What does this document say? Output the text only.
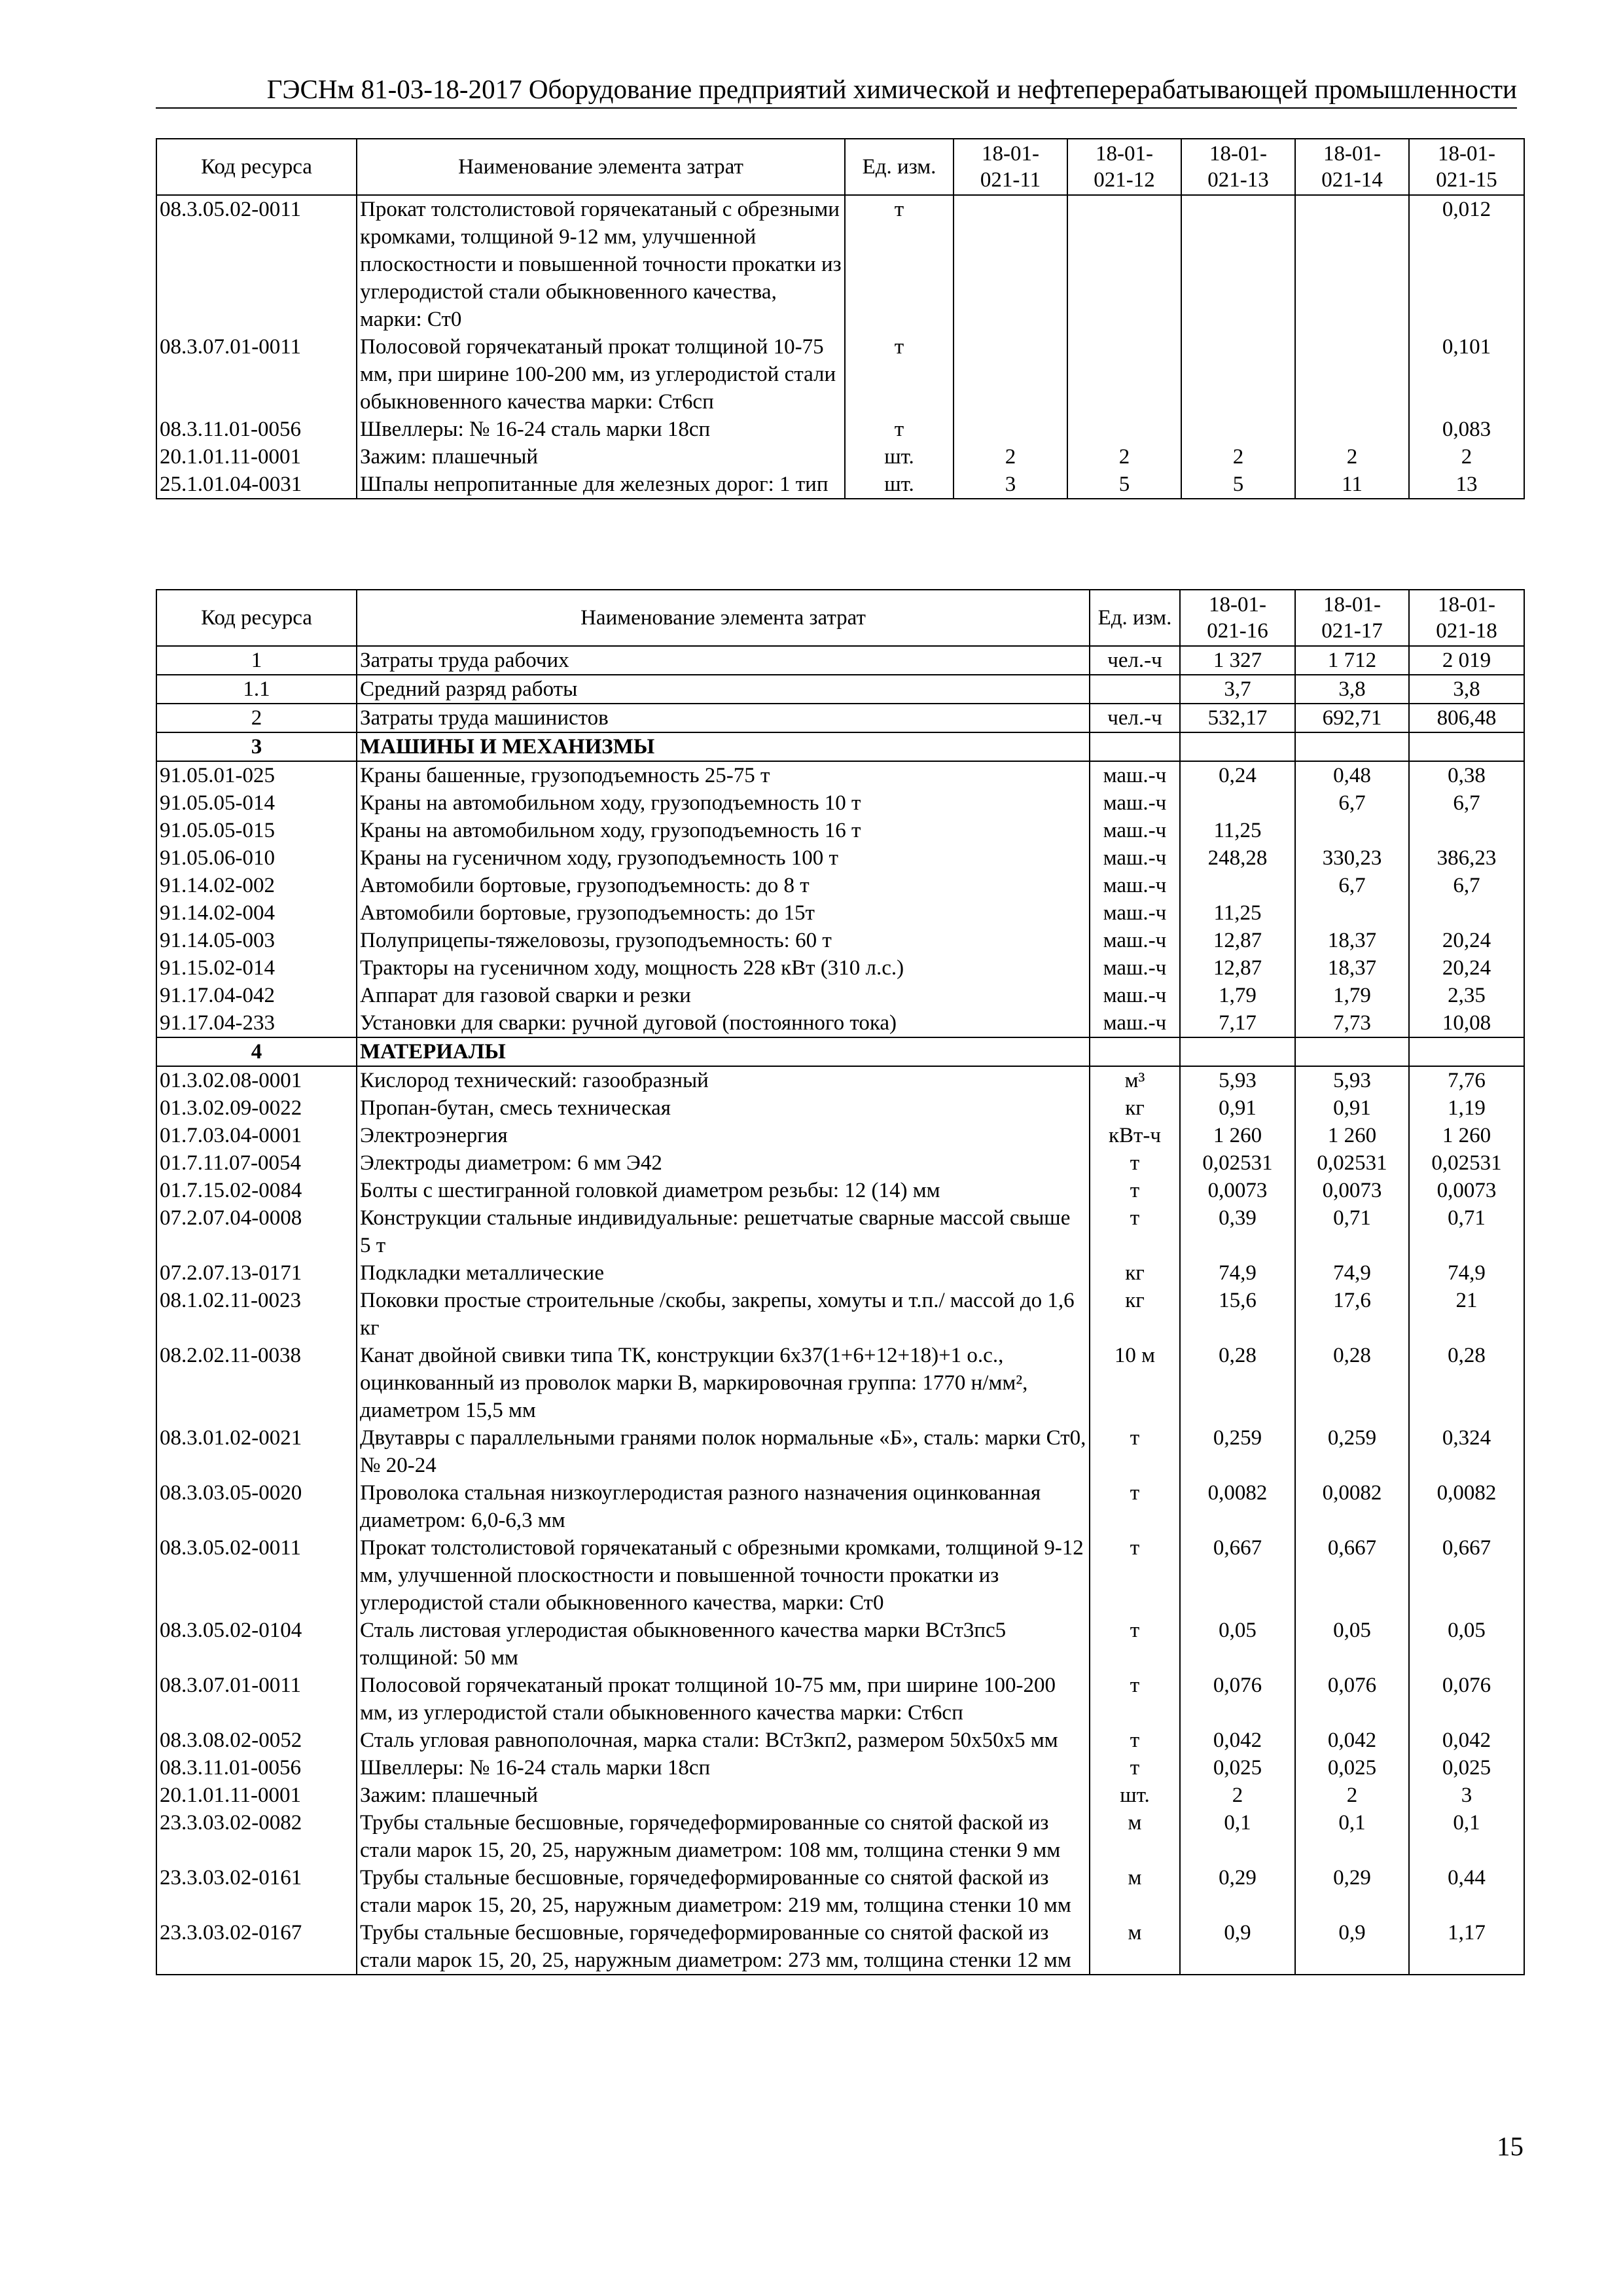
ГЭСНм 81-03-18-2017 Оборудование предприятий химической и нефтеперерабатывающей промышленности
Код ресурса	Наименование элемента затрат	Ед. изм.	18-01-
021-11	18-01-
021-12	18-01-
021-13	18-01-
021-14	18-01-
021-15
08.3.05.02-0011	Прокат толстолистовой горячекатаный с обрезными кромками, толщиной 9-12 мм, улучшенной плоскостности и повышенной точности прокатки из углеродистой стали обыкновенного качества, марки: Ст0	т					0,012
08.3.07.01-0011	Полосовой горячекатаный прокат толщиной 10-75 мм, при ширине 100-200 мм, из углеродистой стали обыкновенного качества марки: Ст6сп	т					0,101
08.3.11.01-0056	Швеллеры: № 16-24 сталь марки 18сп	т					0,083
20.1.01.11-0001	Зажим: плашечный	шт.	2	2	2	2	2
25.1.01.04-0031	Шпалы непропитанные для железных дорог: 1 тип	шт.	3	5	5	11	13
Код ресурса	Наименование элемента затрат	Ед. изм.	18-01-
021-16	18-01-
021-17	18-01-
021-18
1	Затраты труда рабочих	чел.-ч	1 327	1 712	2 019
1.1	Средний разряд работы		3,7	3,8	3,8
2	Затраты труда машинистов	чел.-ч	532,17	692,71	806,48
3	МАШИНЫ И МЕХАНИЗМЫ				
91.05.01-025	Краны башенные, грузоподъемность 25-75 т	маш.-ч	0,24	0,48	0,38
91.05.05-014	Краны на автомобильном ходу, грузоподъемность 10 т	маш.-ч		6,7	6,7
91.05.05-015	Краны на автомобильном ходу, грузоподъемность 16 т	маш.-ч	11,25		
91.05.06-010	Краны на гусеничном ходу, грузоподъемность 100 т	маш.-ч	248,28	330,23	386,23
91.14.02-002	Автомобили бортовые, грузоподъемность: до 8 т	маш.-ч		6,7	6,7
91.14.02-004	Автомобили бортовые, грузоподъемность: до 15т	маш.-ч	11,25		
91.14.05-003	Полуприцепы-тяжеловозы, грузоподъемность: 60 т	маш.-ч	12,87	18,37	20,24
91.15.02-014	Тракторы на гусеничном ходу, мощность 228 кВт (310 л.с.)	маш.-ч	12,87	18,37	20,24
91.17.04-042	Аппарат для газовой сварки и резки	маш.-ч	1,79	1,79	2,35
91.17.04-233	Установки для сварки: ручной дуговой (постоянного тока)	маш.-ч	7,17	7,73	10,08
4	МАТЕРИАЛЫ				
01.3.02.08-0001	Кислород технический: газообразный	м³	5,93	5,93	7,76
01.3.02.09-0022	Пропан-бутан, смесь техническая	кг	0,91	0,91	1,19
01.7.03.04-0001	Электроэнергия	кВт-ч	1 260	1 260	1 260
01.7.11.07-0054	Электроды диаметром: 6 мм Э42	т	0,02531	0,02531	0,02531
01.7.15.02-0084	Болты с шестигранной головкой диаметром резьбы: 12 (14) мм	т	0,0073	0,0073	0,0073
07.2.07.04-0008	Конструкции стальные индивидуальные: решетчатые сварные массой свыше 5 т	т	0,39	0,71	0,71
07.2.07.13-0171	Подкладки металлические	кг	74,9	74,9	74,9
08.1.02.11-0023	Поковки простые строительные /скобы, закрепы, хомуты и т.п./ массой до 1,6 кг	кг	15,6	17,6	21
08.2.02.11-0038	Канат двойной свивки типа ТК, конструкции 6х37(1+6+12+18)+1 о.с., оцинкованный из проволок марки В, маркировочная группа: 1770 н/мм², диаметром 15,5 мм	10 м	0,28	0,28	0,28
08.3.01.02-0021	Двутавры с параллельными гранями полок нормальные «Б», сталь: марки Ст0, № 20-24	т	0,259	0,259	0,324
08.3.03.05-0020	Проволока стальная низкоуглеродистая разного назначения оцинкованная диаметром: 6,0-6,3 мм	т	0,0082	0,0082	0,0082
08.3.05.02-0011	Прокат толстолистовой горячекатаный с обрезными кромками, толщиной 9-12 мм, улучшенной плоскостности и повышенной точности прокатки из углеродистой стали обыкновенного качества, марки: Ст0	т	0,667	0,667	0,667
08.3.05.02-0104	Сталь листовая углеродистая обыкновенного качества марки ВСт3пс5 толщиной: 50 мм	т	0,05	0,05	0,05
08.3.07.01-0011	Полосовой горячекатаный прокат толщиной 10-75 мм, при ширине 100-200 мм, из углеродистой стали обыкновенного качества марки: Ст6сп	т	0,076	0,076	0,076
08.3.08.02-0052	Сталь угловая равнополочная, марка стали: ВСт3кп2, размером 50х50х5 мм	т	0,042	0,042	0,042
08.3.11.01-0056	Швеллеры: № 16-24 сталь марки 18сп	т	0,025	0,025	0,025
20.1.01.11-0001	Зажим: плашечный	шт.	2	2	3
23.3.03.02-0082	Трубы стальные бесшовные, горячедеформированные со снятой фаской из стали марок 15, 20, 25, наружным диаметром: 108 мм, толщина стенки 9 мм	м	0,1	0,1	0,1
23.3.03.02-0161	Трубы стальные бесшовные, горячедеформированные со снятой фаской из стали марок 15, 20, 25, наружным диаметром: 219 мм, толщина стенки 10 мм	м	0,29	0,29	0,44
23.3.03.02-0167	Трубы стальные бесшовные, горячедеформированные со снятой фаской из стали марок 15, 20, 25, наружным диаметром: 273 мм, толщина стенки 12 мм	м	0,9	0,9	1,17
15
